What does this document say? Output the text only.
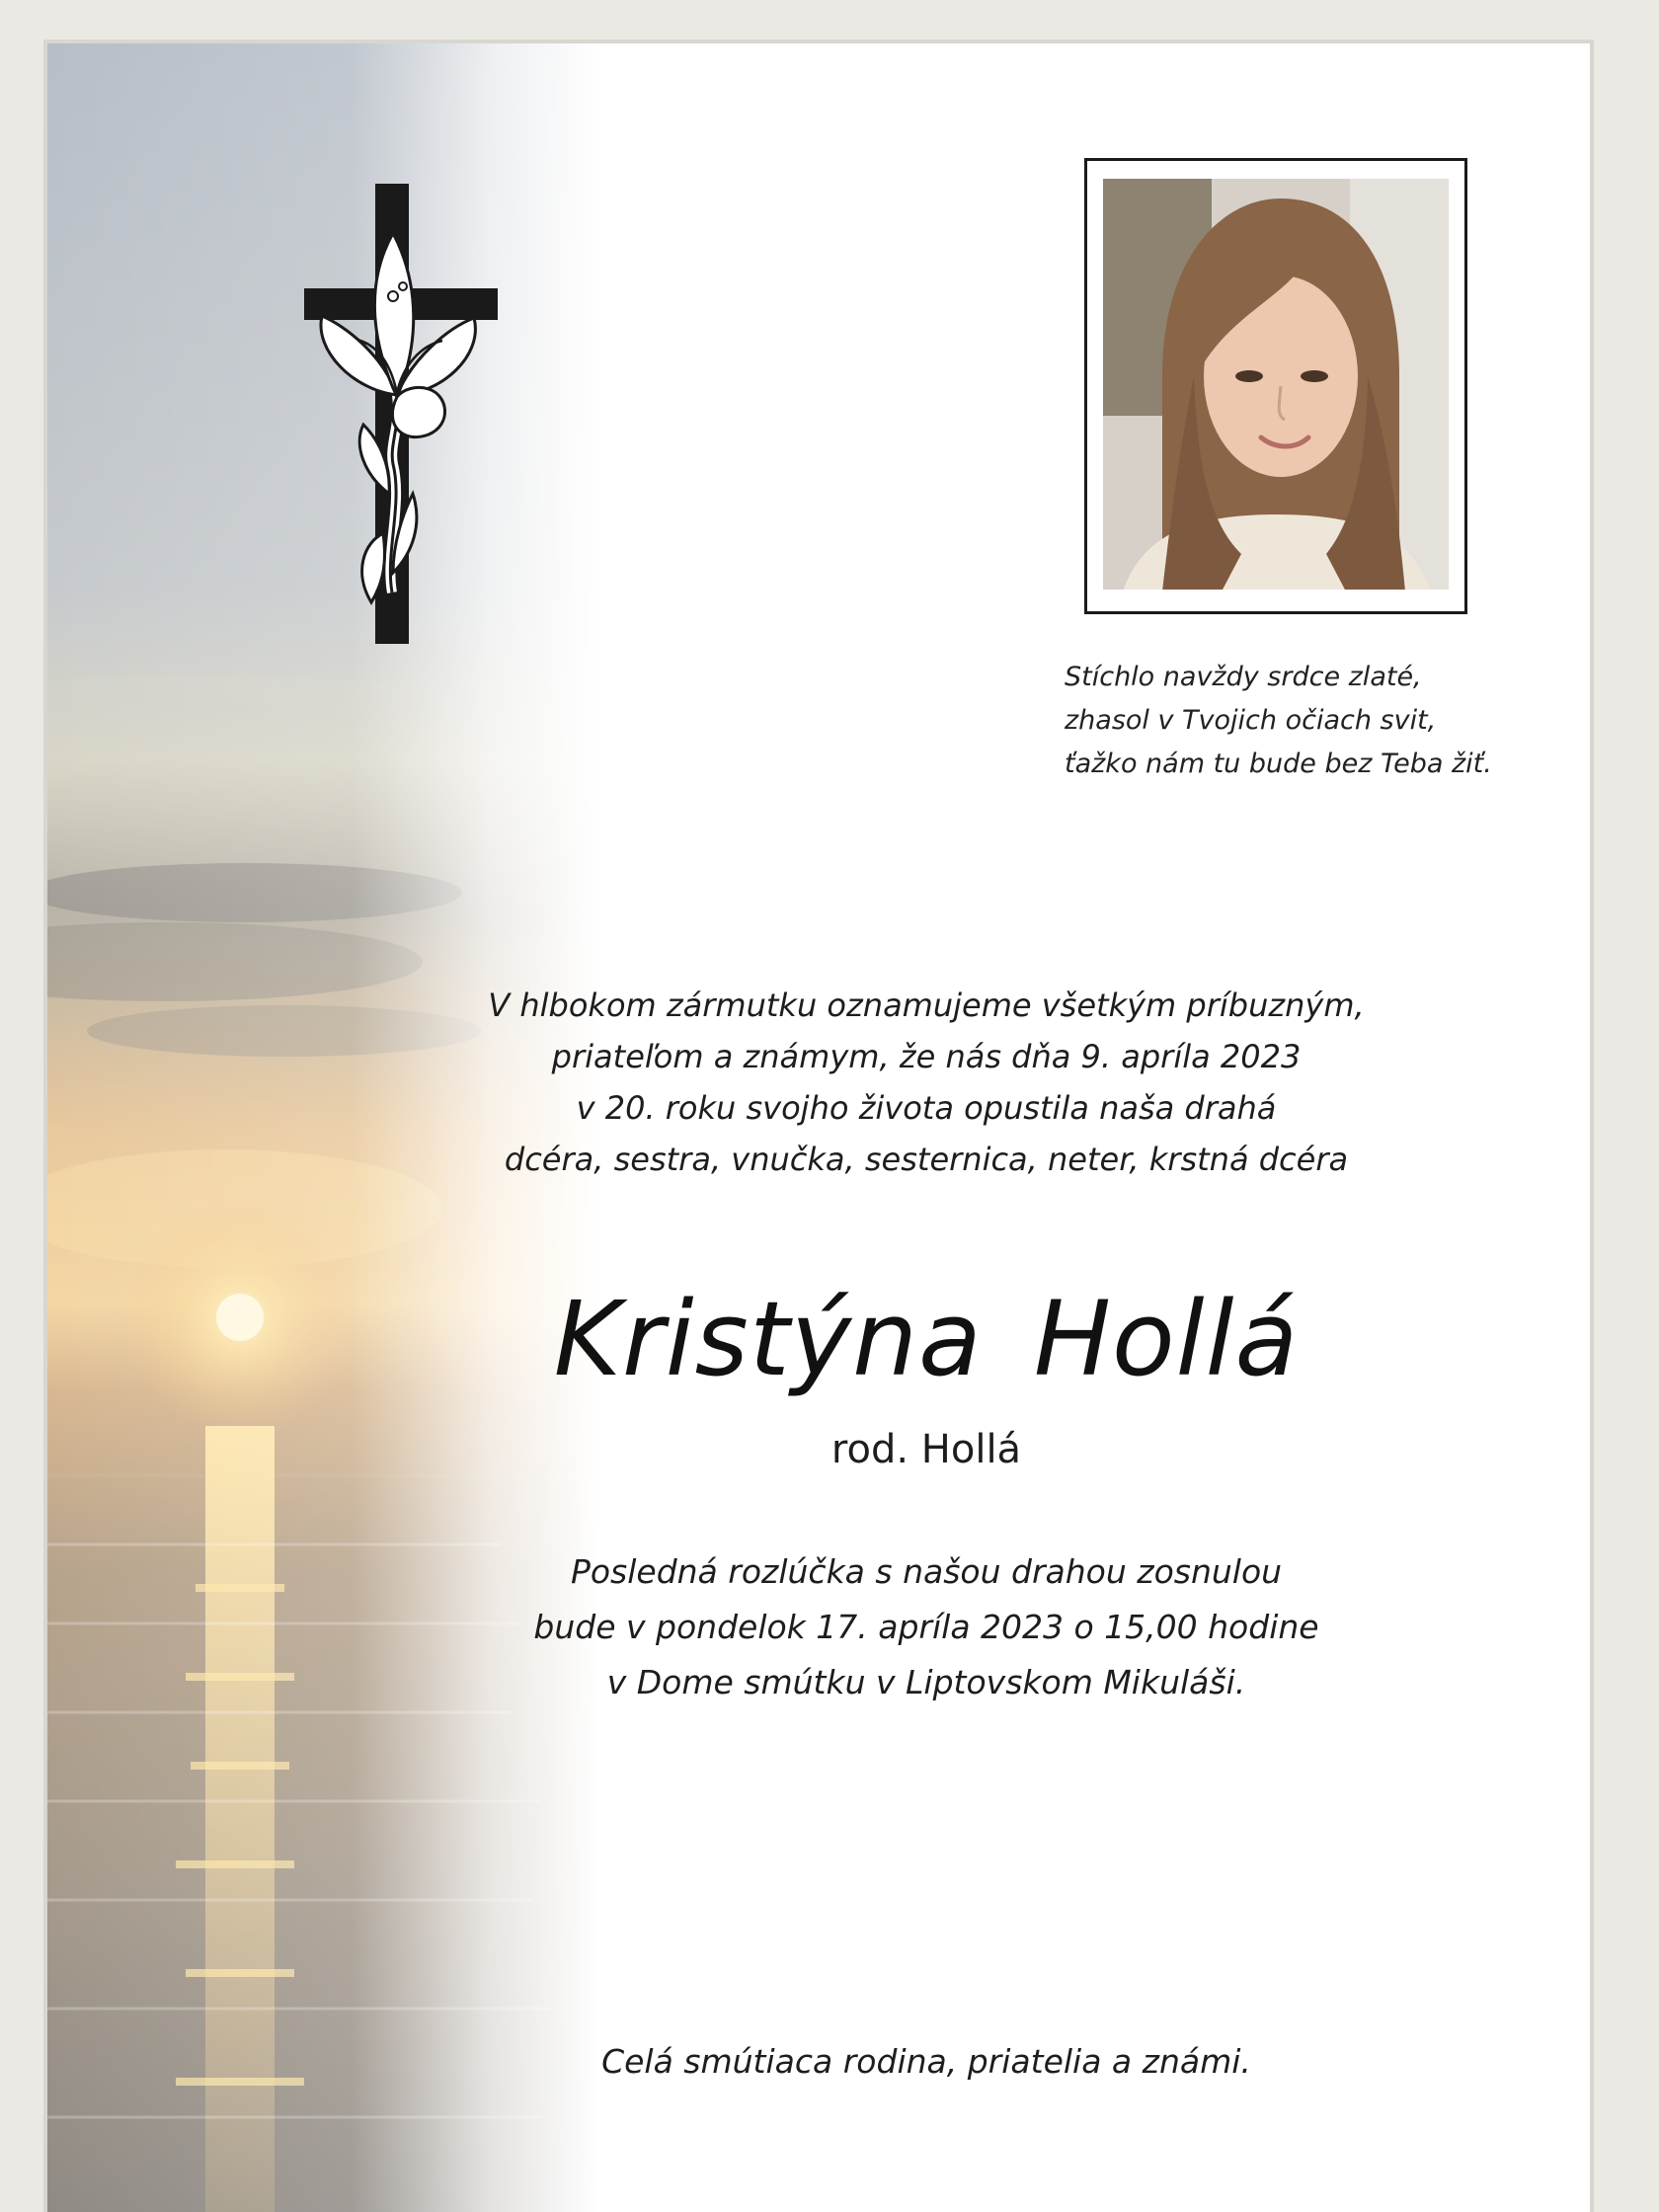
Stíchlo navždy srdce zlaté,
zhasol v Tvojich očiach svit,
ťažko nám tu bude bez Teba žiť.
V hlbokom zármutku oznamujeme všetkým príbuzným,
priateľom a známym, že nás dňa 9. apríla 2023
v 20. roku svojho života opustila naša drahá
dcéra, sestra, vnučka, sesternica, neter, krstná dcéra
Kristýna Hollá
rod. Hollá
Posledná rozlúčka s našou drahou zosnulou
bude v pondelok 17. apríla 2023 o 15,00 hodine
v Dome smútku v Liptovskom Mikuláši.
Celá smútiaca rodina, priatelia a známi.
